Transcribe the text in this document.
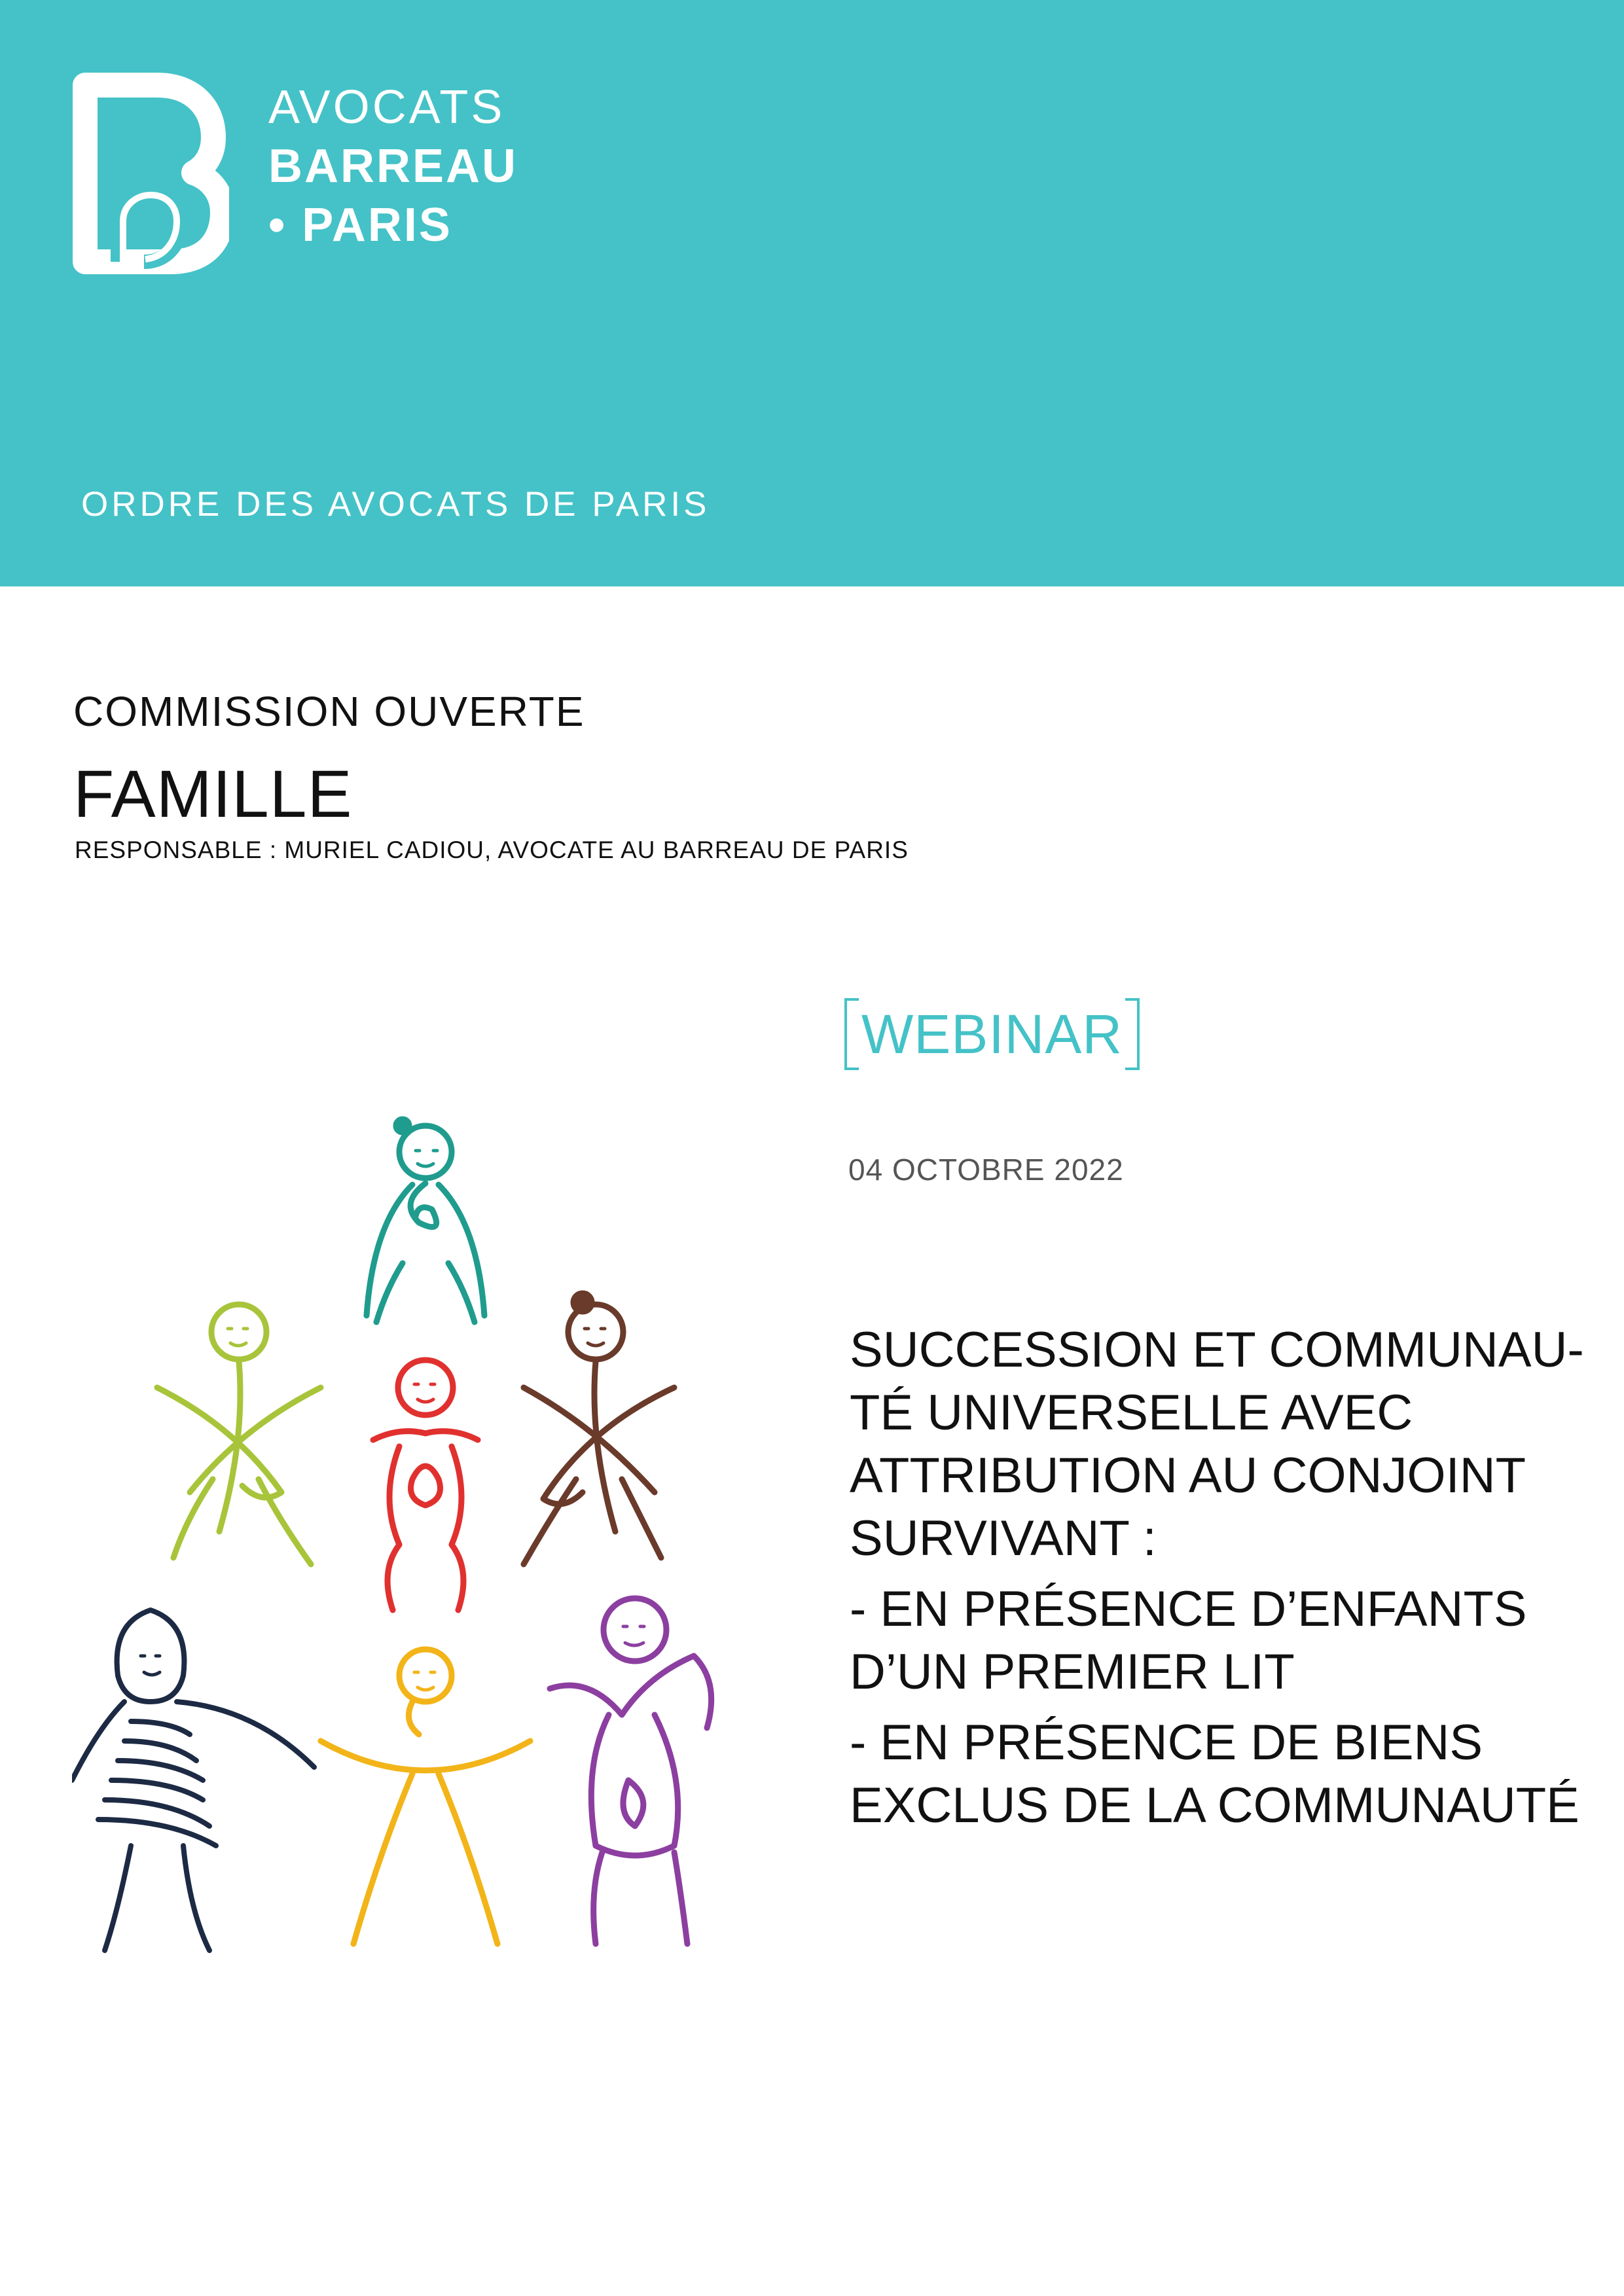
AVOCATS
BARREAU
• PARIS
ORDRE DES AVOCATS DE PARIS
COMMISSION OUVERTE
FAMILLE
RESPONSABLE : MURIEL CADIOU, AVOCATE AU BARREAU DE PARIS
WEBINAR
04 OCTOBRE 2022
SUCCESSION ET COMMUNAU-
TÉ UNIVERSELLE AVEC
ATTRIBUTION AU CONJOINT
SURVIVANT :
- EN PRÉSENCE D’ENFANTS
D’UN PREMIER LIT
- EN PRÉSENCE DE BIENS
EXCLUS DE LA COMMUNAUTÉ
